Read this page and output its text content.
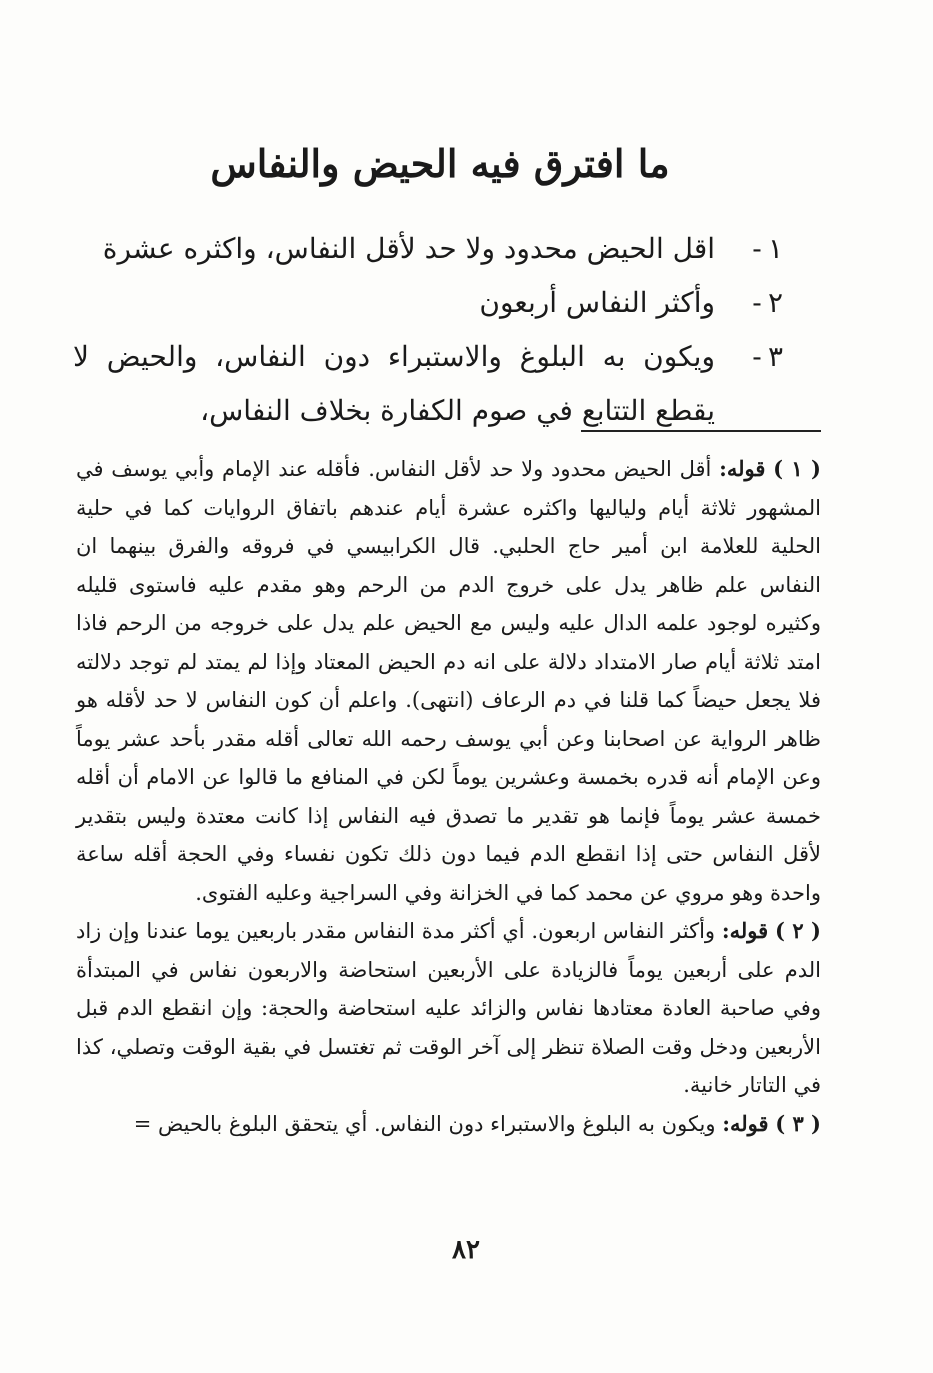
ما افترق فيه الحيض والنفاس
١-
اقل الحيض محدود ولا حد لأقل النفاس، واكثره عشرة
٢-
وأكثر النفاس أربعون
٣-
ويكون به البلوغ والاستبراء دون النفاس، والحيض لا يقطع التتابع في صوم الكفارة بخلاف النفاس،

( ١ ) قوله: أقل الحيض محدود ولا حد لأقل النفاس. فأقله عند الإمام وأبي يوسف في المشهور ثلاثة أيام ولياليها واكثره عشرة أيام عندهم باتفاق الروايات كما في حلية الحلية للعلامة ابن أمير حاج الحلبي. قال الكرابيسي في فروقه والفرق بينهما ان النفاس علم ظاهر يدل على خروج الدم من الرحم وهو مقدم عليه فاستوى قليله وكثيره لوجود علمه الدال عليه وليس مع الحيض علم يدل على خروجه من الرحم فاذا امتد ثلاثة أيام صار الامتداد دلالة على انه دم الحيض المعتاد وإذا لم يمتد لم توجد دلالته فلا يجعل حيضاً كما قلنا في دم الرعاف (انتهى). واعلم أن كون النفاس لا حد لأقله هو ظاهر الرواية عن اصحابنا وعن أبي يوسف رحمه الله تعالى أقله مقدر بأحد عشر يوماً وعن الإمام أنه قدره بخمسة وعشرين يوماً لكن في المنافع ما قالوا عن الامام أن أقله خمسة عشر يوماً فإنما هو تقدير ما تصدق فيه النفاس إذا كانت معتدة وليس بتقدير لأقل النفاس حتى إذا انقطع الدم فيما دون ذلك تكون نفساء وفي الحجة أقله ساعة واحدة وهو مروي عن محمد كما في الخزانة وفي السراجية وعليه الفتوى.

( ٢ ) قوله: وأكثر النفاس اربعون. أي أكثر مدة النفاس مقدر باربعين يوما عندنا وإن زاد الدم على أربعين يوماً فالزيادة على الأربعين استحاضة والاربعون نفاس في المبتدأة وفي صاحبة العادة معتادها نفاس والزائد عليه استحاضة والحجة: وإن انقطع الدم قبل الأربعين ودخل وقت الصلاة تنظر إلى آخر الوقت ثم تغتسل في بقية الوقت وتصلي، كذا في التاتار خانية.

( ٣ ) قوله: ويكون به البلوغ والاستبراء دون النفاس. أي يتحقق البلوغ بالحيض =

٨٢
